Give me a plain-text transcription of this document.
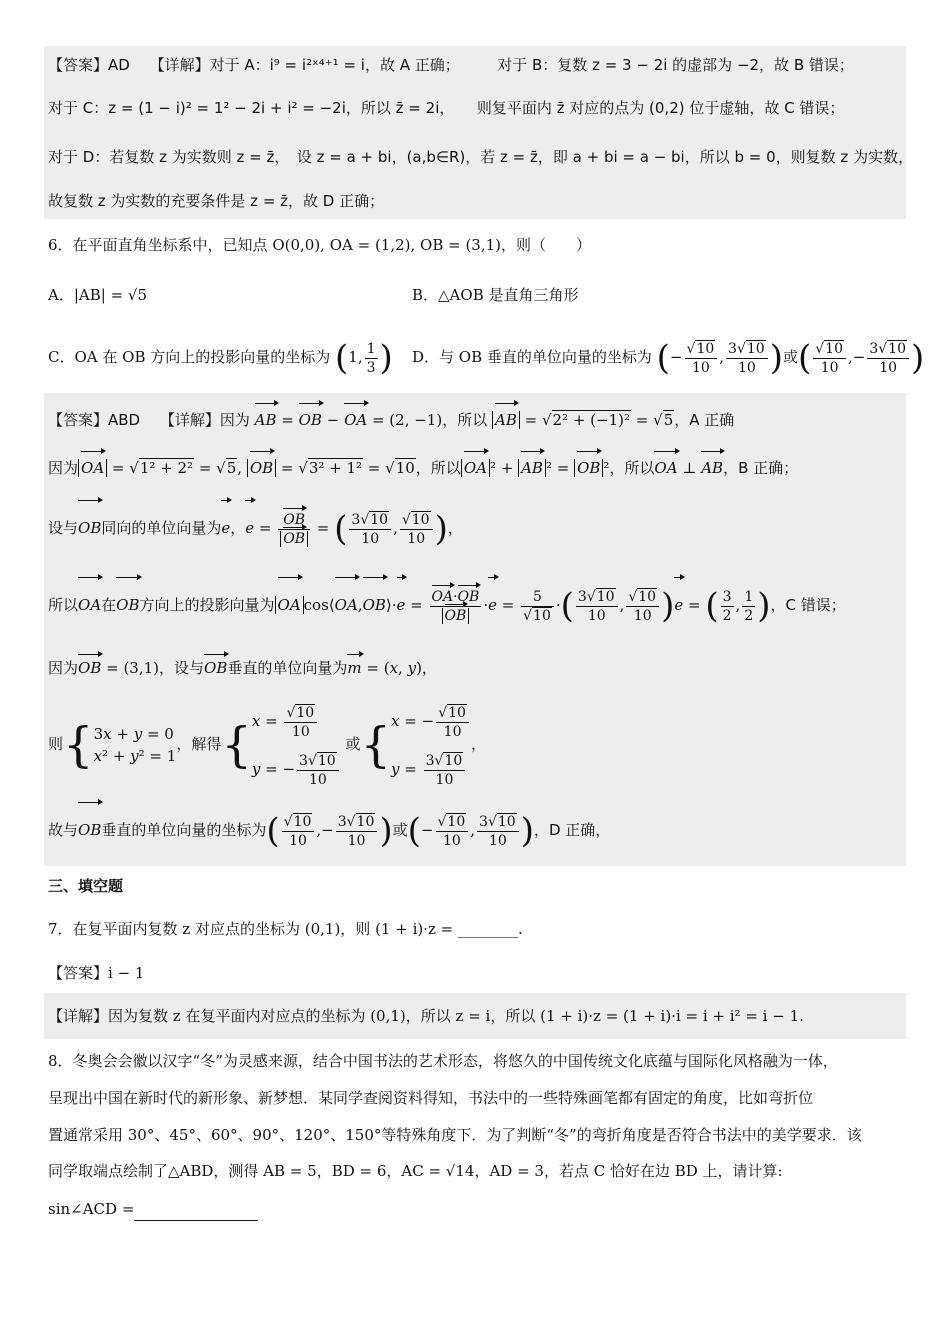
【答案】AD　 【详解】对于 A：i⁹ = i²ˣ⁴⁺¹ = i，故 A 正确；　　　对于 B：复数 z = 3 − 2i 的虚部为 −2，故 B 错误；
对于 C：z = (1 − i)² = 1² − 2i + i² = −2i，所以 z̄ = 2i，　　则复平面内 z̄ 对应的点为 (0,2) 位于虚轴，故 C 错误；
对于 D：若复数 z 为实数则 z = z̄，　设 z = a + bi，(a,b∈R)，若 z = z̄，即 a + bi = a − bi，所以 b = 0，则复数 z 为实数，
故复数 z 为实数的充要条件是 z = z̄，故 D 正确；
6．在平面直角坐标系中，已知点 O(0,0), OA = (1,2), OB = (3,1)，则（　　）
A．|AB| = √5	B．△AOB 是直角三角形
C．OA 在 OB 方向上的投影向量的坐标为 (1, $\frac{1}{3}$ )	D．与 OB 垂直的单位向量的坐标为 (− $\frac{√10}{10}$ , $\frac{3√10}{10}$ )或( $\frac{√10}{10}$ ,− $\frac{3√10}{10}$ )
【答案】ABD　 【详解】因为 AB = OB − OA = (2, −1)，所以 AB = √2² + (−1)² = √5，A 正确
因为 OA = √1² + 2² = √5, OB = √3² + 1² = √10，所以 OA ² + AB ² = OB ²，所以OA ⊥ AB，B 正确；
设与OB同向的单位向量为e，$e = \frac{OB}{OB}$ = ( $\frac{3√10}{10}$ , $\frac{√10}{10}$ )，
所以OA在OB方向上的投影向量为 OA cos⟨OA,OB⟩·e = $\frac{OA\cdot OB}{OB} \cdot e = \frac{5}{√10}$ ·( $\frac{3√10}{10}$ , $\frac{√10}{10} )e$ = ( $\frac{3}{2}$ , $\frac{1}{2}$ )，C 错误；
因为OB = (3,1)，设与OB垂直的单位向量为m = (x, y)，
则{ 3x + y = 0
x² + y² = 1
，解得{ $x = \frac{√10}{10}$
y = − $\frac{3√10}{10}$
或{ x = − $\frac{√10}{10}$
$y = \frac{3√10}{10}$
，
故与OB垂直的单位向量的坐标为( $\frac{√10}{10}$ ,− $\frac{3√10}{10}$ )或(− $\frac{√10}{10}$ , $\frac{3√10}{10}$ )，D 正确，
三、填空题
7．在复平面内复数 z 对应点的坐标为 (0,1)，则 (1 + i)·z = ________.
【答案】i − 1
【详解】因为复数 z 在复平面内对应点的坐标为 (0,1)，所以 z = i，所以 (1 + i)·z = (1 + i)·i = i + i² = i − 1.
8．冬奥会会徽以汉字“冬”为灵感来源，结合中国书法的艺术形态，将悠久的中国传统文化底蕴与国际化风格融为一体，
呈现出中国在新时代的新形象、新梦想．某同学查阅资料得知，书法中的一些特殊画笔都有固定的角度，比如弯折位
置通常采用 30°、45°、60°、90°、120°、150°等特殊角度下．为了判断“冬”的弯折角度是否符合书法中的美学要求．该
同学取端点绘制了△ABD，测得 AB = 5，BD = 6，AC = √14，AD = 3，若点 C 恰好在边 BD 上，请计算:
sin∠ACD =
